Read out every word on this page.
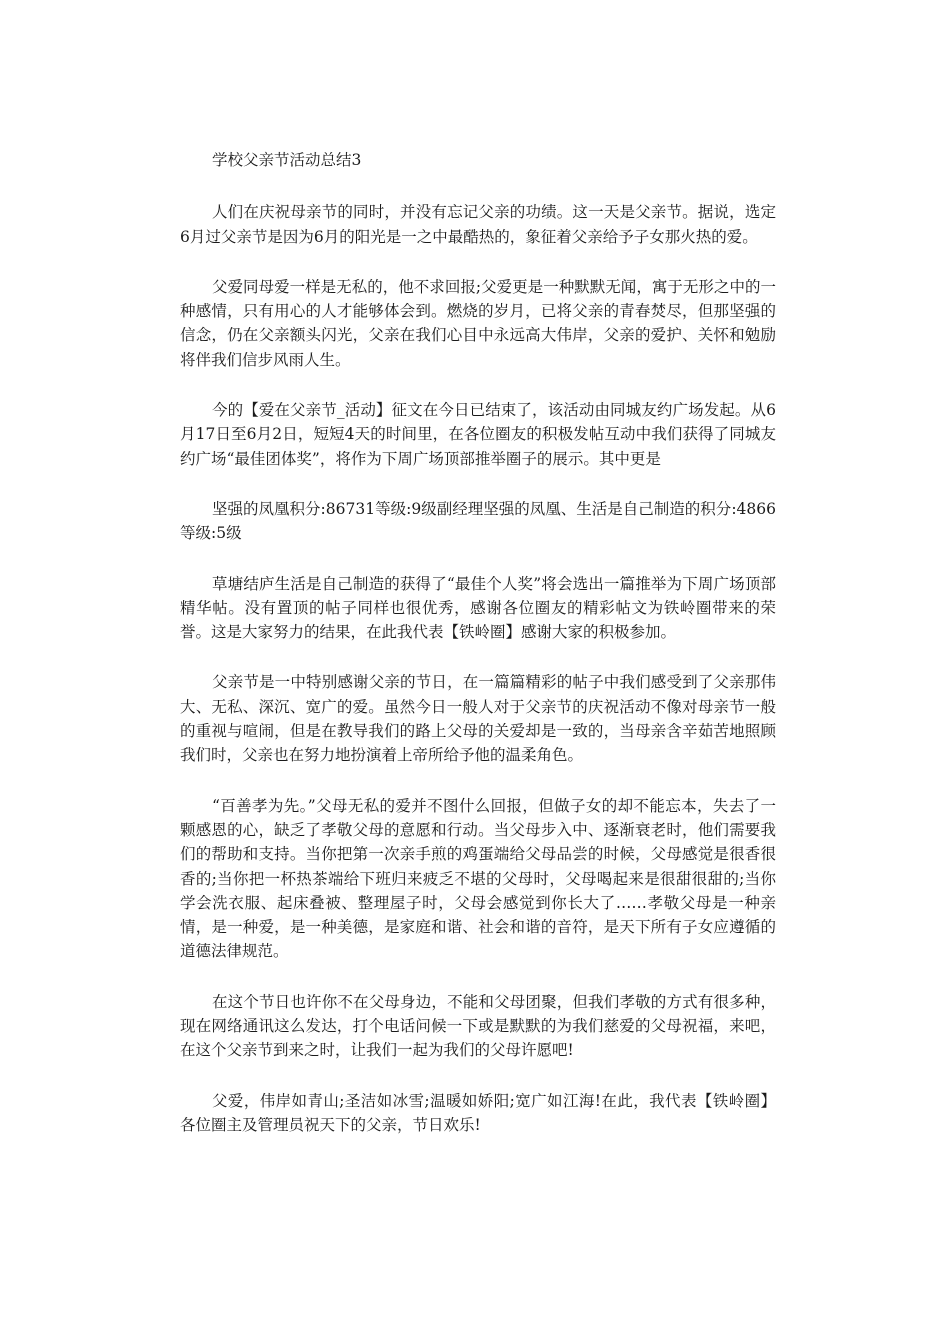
学校父亲节活动总结3

人们在庆祝母亲节的同时，并没有忘记父亲的功绩。这一天是父亲节。据说，选定6月过父亲节是因为6月的阳光是一之中最酷热的，象征着父亲给予子女那火热的爱。

父爱同母爱一样是无私的，他不求回报;父爱更是一种默默无闻，寓于无形之中的一种感情，只有用心的人才能够体会到。燃烧的岁月，已将父亲的青春焚尽，但那坚强的信念，仍在父亲额头闪光，父亲在我们心目中永远高大伟岸，父亲的爱护、关怀和勉励将伴我们信步风雨人生。

今的【爱在父亲节_活动】征文在今日已结束了，该活动由同城友约广场发起。从6月17日至6月2日，短短4天的时间里，在各位圈友的积极发帖互动中我们获得了同城友约广场“最佳团体奖”，将作为下周广场顶部推举圈子的展示。其中更是

坚强的凤凰积分:86731等级:9级副经理坚强的凤凰、生活是自己制造的积分:4866等级:5级

草塘结庐生活是自己制造的获得了“最佳个人奖”将会选出一篇推举为下周广场顶部精华帖。没有置顶的帖子同样也很优秀，感谢各位圈友的精彩帖文为铁岭圈带来的荣誉。这是大家努力的结果，在此我代表【铁岭圈】感谢大家的积极参加。

父亲节是一中特别感谢父亲的节日，在一篇篇精彩的帖子中我们感受到了父亲那伟大、无私、深沉、宽广的爱。虽然今日一般人对于父亲节的庆祝活动不像对母亲节一般的重视与喧闹，但是在教导我们的路上父母的关爱却是一致的，当母亲含辛茹苦地照顾我们时，父亲也在努力地扮演着上帝所给予他的温柔角色。

“百善孝为先。”父母无私的爱并不图什么回报，但做子女的却不能忘本，失去了一颗感恩的心，缺乏了孝敬父母的意愿和行动。当父母步入中、逐渐衰老时，他们需要我们的帮助和支持。当你把第一次亲手煎的鸡蛋端给父母品尝的时候，父母感觉是很香很香的;当你把一杯热茶端给下班归来疲乏不堪的父母时，父母喝起来是很甜很甜的;当你学会洗衣服、起床叠被、整理屋子时，父母会感觉到你长大了……孝敬父母是一种亲情，是一种爱，是一种美德，是家庭和谐、社会和谐的音符，是天下所有子女应遵循的道德法律规范。

在这个节日也许你不在父母身边，不能和父母团聚，但我们孝敬的方式有很多种，现在网络通讯这么发达，打个电话问候一下或是默默的为我们慈爱的父母祝福，来吧，在这个父亲节到来之时，让我们一起为我们的父母许愿吧!

父爱，伟岸如青山;圣洁如冰雪;温暖如娇阳;宽广如江海!在此，我代表【铁岭圈】各位圈主及管理员祝天下的父亲，节日欢乐!
